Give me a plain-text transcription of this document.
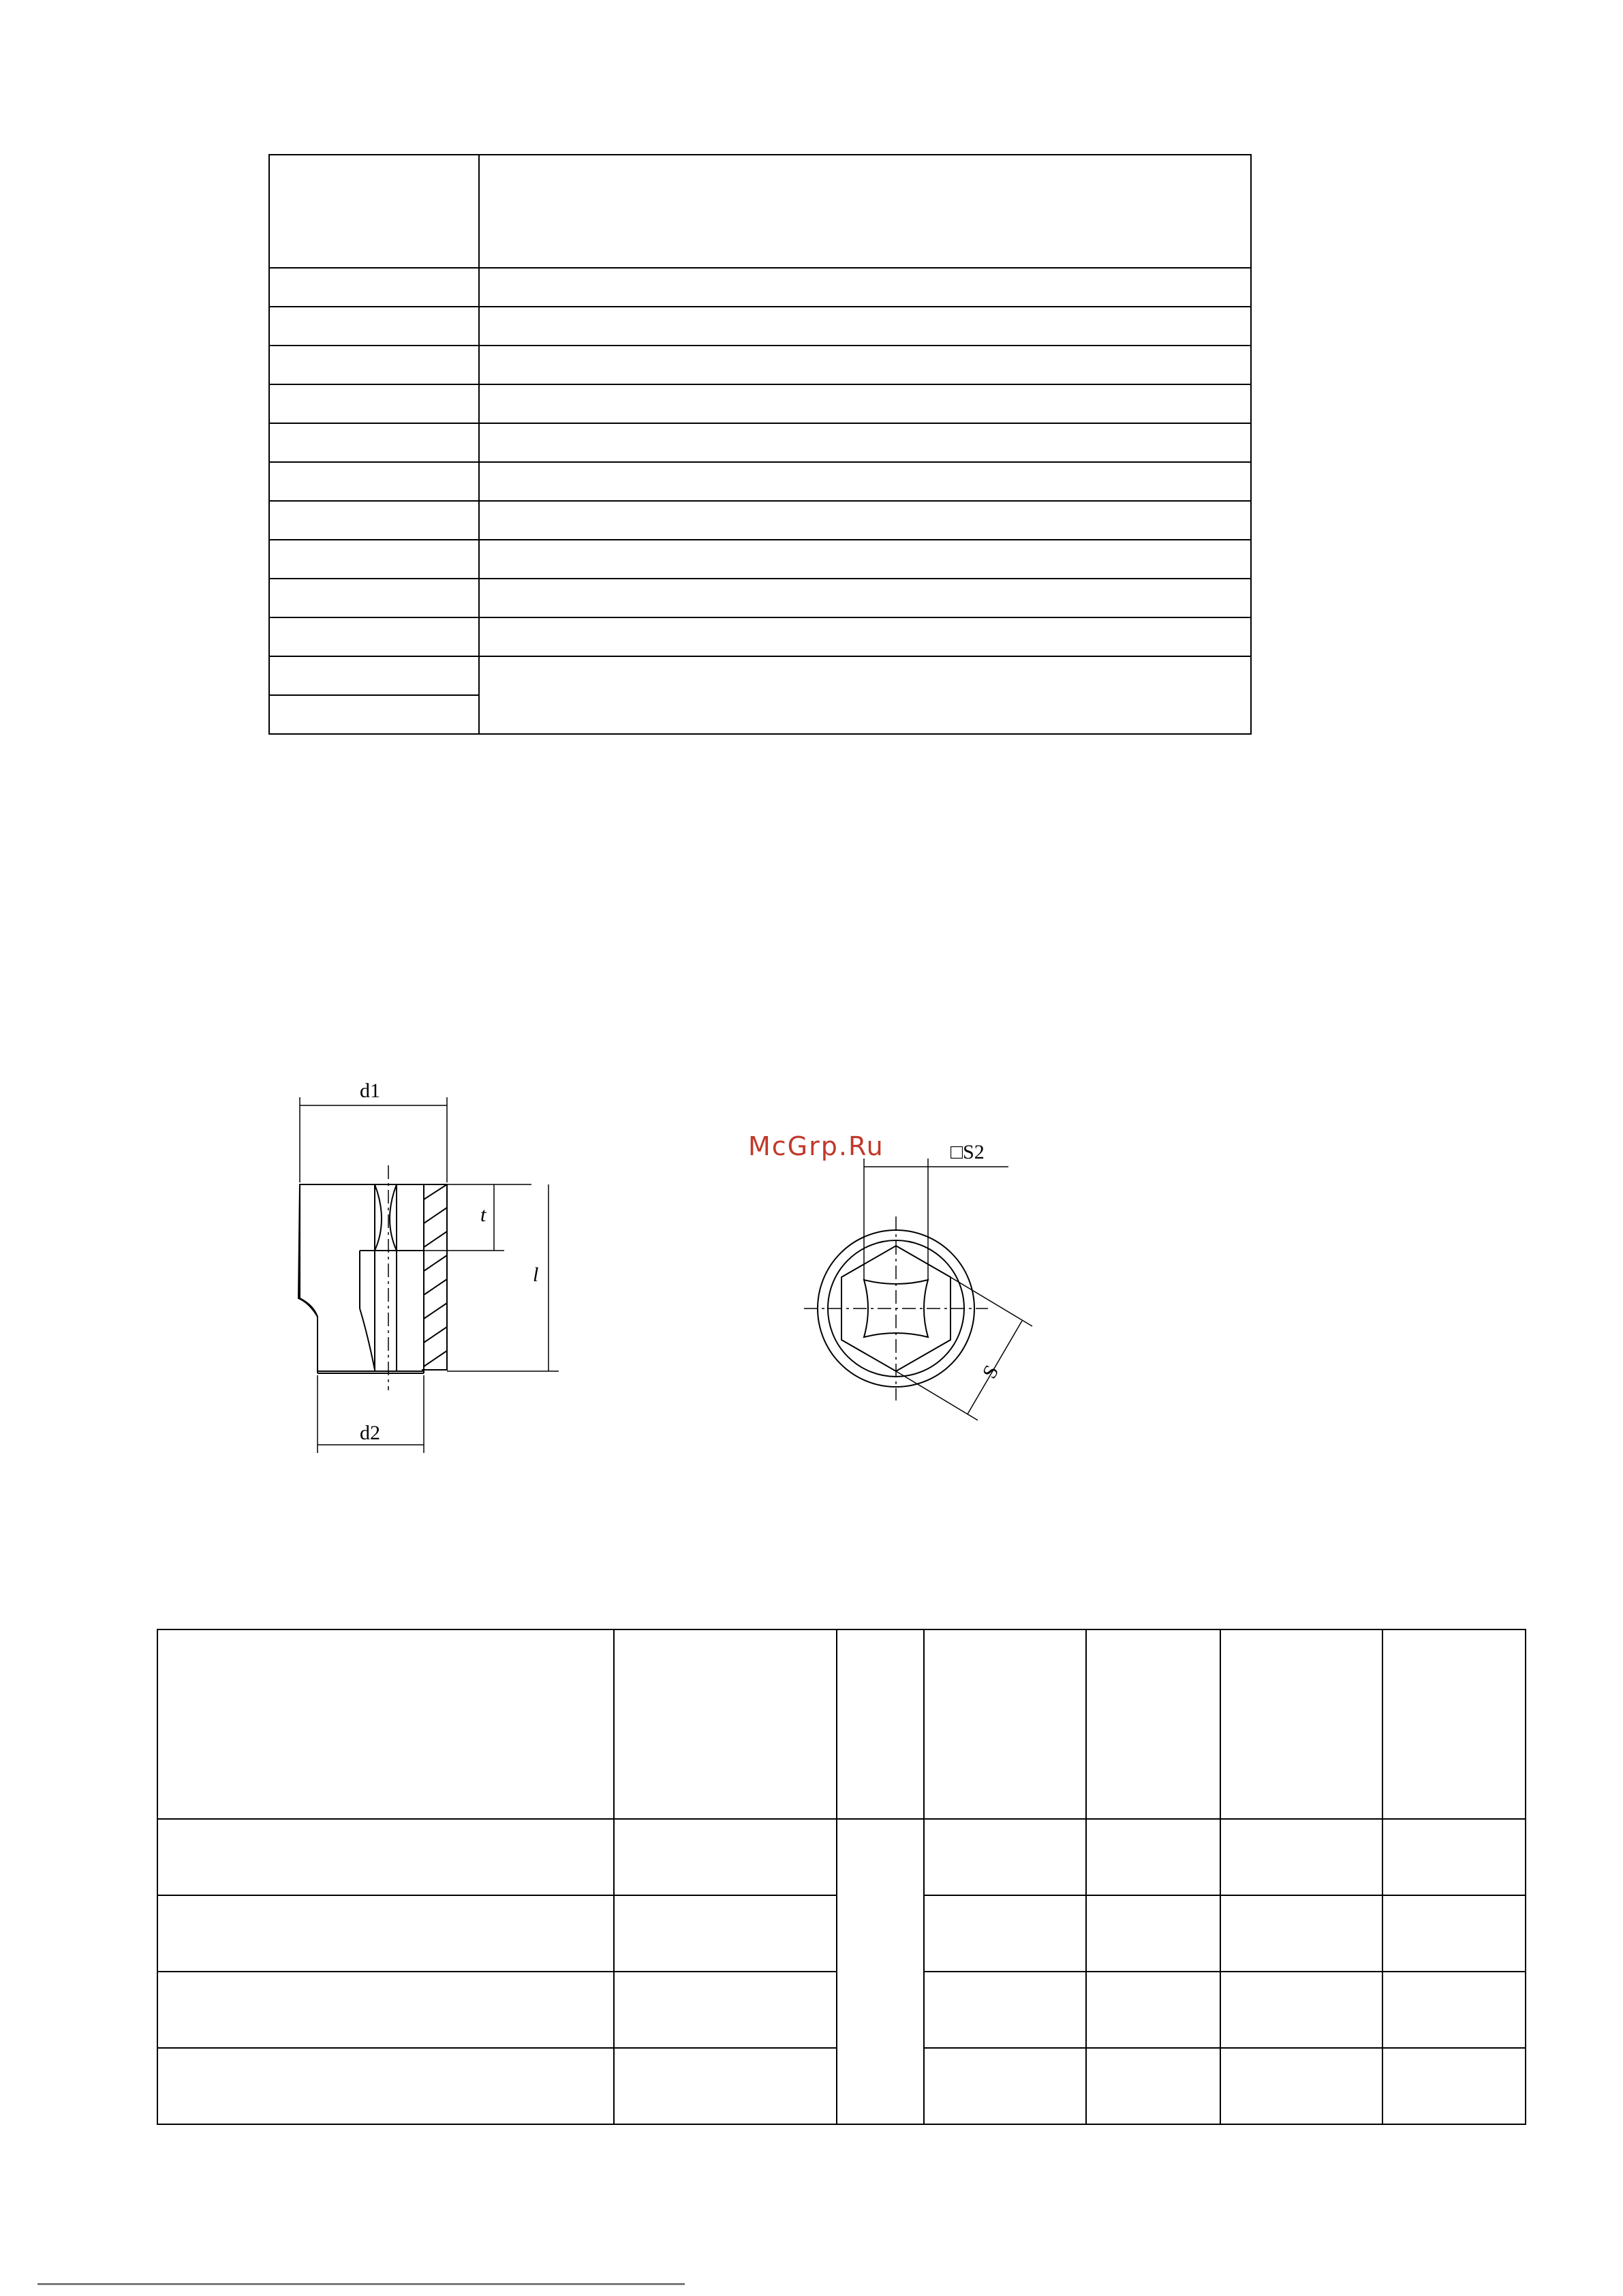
d1
d2
t
l
□S2
S
McGrp.Ru
